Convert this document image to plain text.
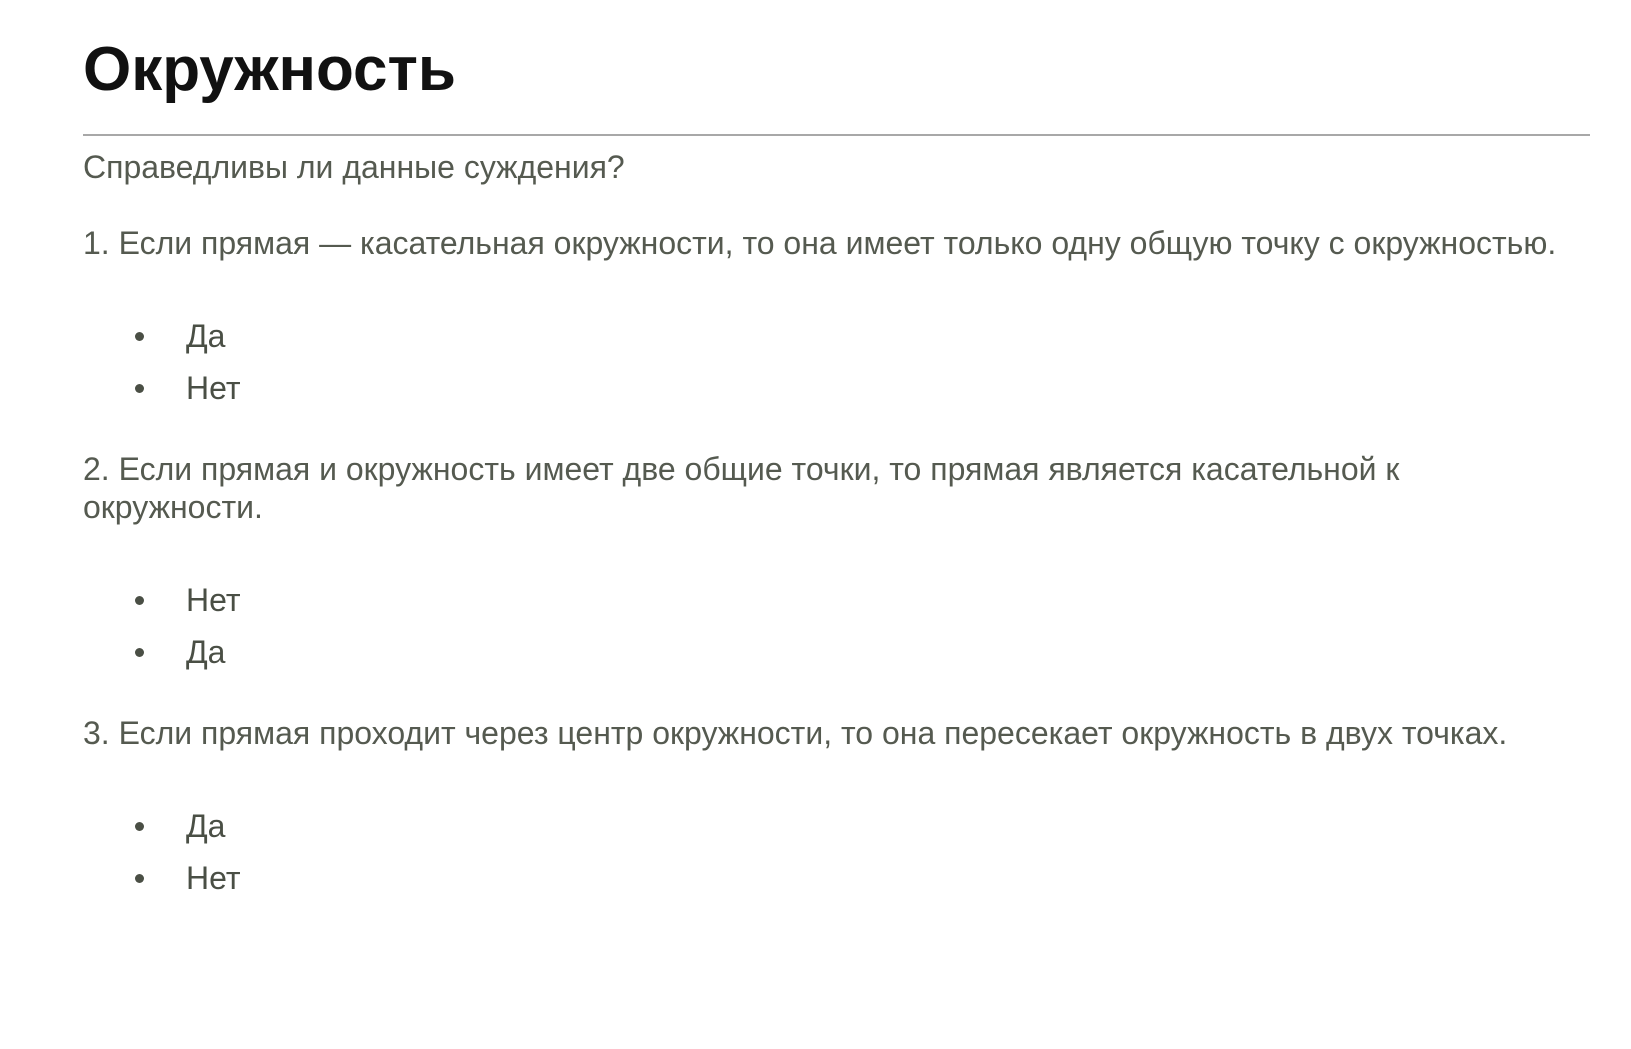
Окружность

Справедливы ли данные суждения?

1. Если прямая — касательная окружности, то она имеет только одну общую точку с окружностью.

Да
Нет

2. Если прямая и окружность имеет две общие точки, то прямая является касательной к окружности.

Нет
Да

3. Если прямая проходит через центр окружности, то она пересекает окружность в двух точках.

Да
Нет
